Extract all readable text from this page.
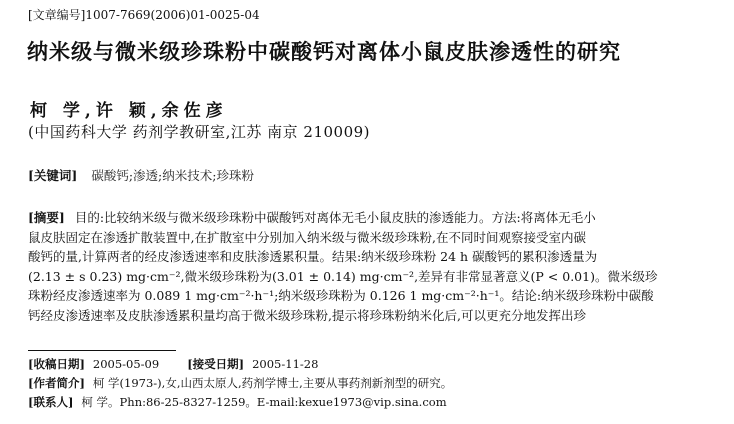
[文章编号]1007-7669(2006)01-0025-04
纳米级与微米级珍珠粉中碳酸钙对离体小鼠皮肤渗透性的研究
柯 学,许 颖,余佐彦
(中国药科大学 药剂学教研室,江苏 南京 210009)
[关键词] 碳酸钙;渗透;纳米技术;珍珠粉
[摘要] 目的:比较纳米级与微米级珍珠粉中碳酸钙对离体无毛小鼠皮肤的渗透能力。方法:将离体无毛小
鼠皮肤固定在渗透扩散装置中,在扩散室中分别加入纳米级与微米级珍珠粉,在不同时间观察接受室内碳
酸钙的量,计算两者的经皮渗透速率和皮肤渗透累积量。结果:纳米级珍珠粉 24 h 碳酸钙的累积渗透量为
(2.13 ± s 0.23) mg·cm⁻²,微米级珍珠粉为(3.01 ± 0.14) mg·cm⁻²,差异有非常显著意义(P < 0.01)。微米级珍
珠粉经皮渗透速率为 0.089 1 mg·cm⁻²·h⁻¹;纳米级珍珠粉为 0.126 1 mg·cm⁻²·h⁻¹。结论:纳米级珍珠粉中碳酸
钙经皮渗透速率及皮肤渗透累积量均高于微米级珍珠粉,提示将珍珠粉纳米化后,可以更充分地发挥出珍
[收稿日期] 2005-05-09 [接受日期] 2005-11-28
[作者简介] 柯 学(1973-),女,山西太原人,药剂学博士,主要从事药剂新剂型的研究。
[联系人] 柯 学。Phn:86-25-8327-1259。E-mail:kexue1973@vip.sina.com
